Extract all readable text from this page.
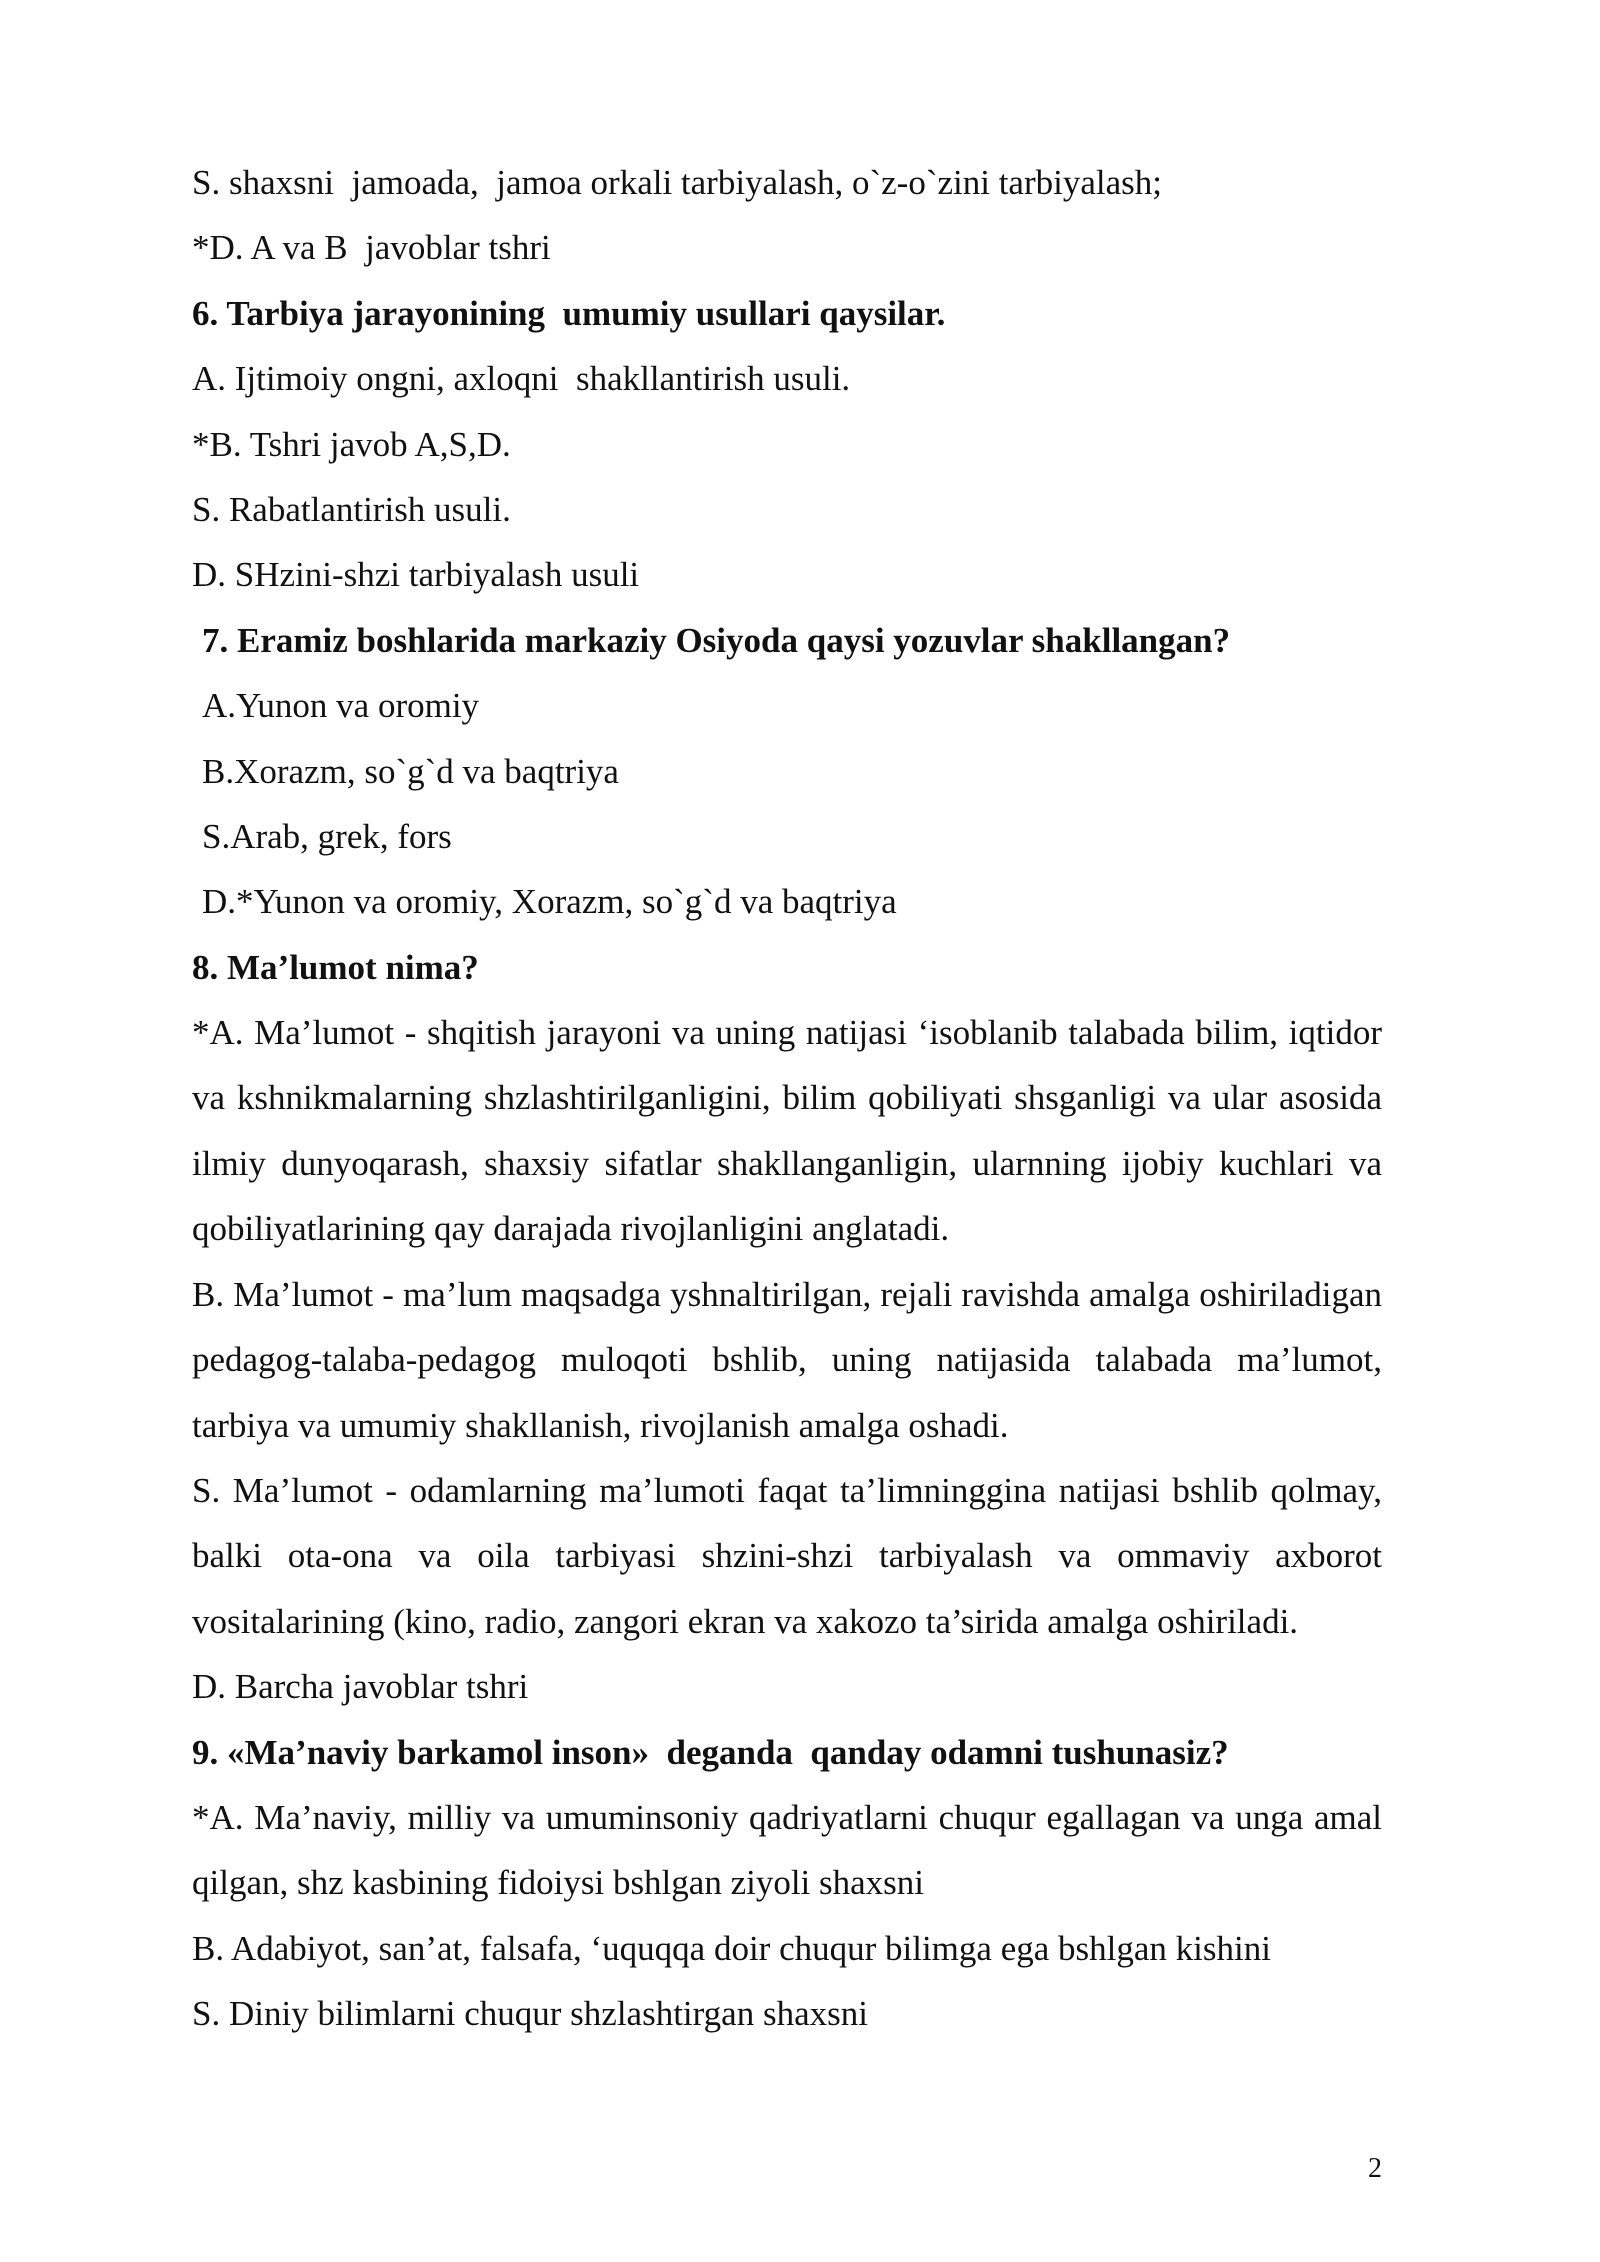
S. shaxsni  jamoada,  jamoa orkali tarbiyalash, o`z-o`zini tarbiyalash;

*D. A va B  javoblar tshri

6. Tarbiya jarayonining  umumiy usullari qaysilar.

A. Ijtimoiy ongni, axloqni  shakllantirish usuli.

*B. Tshri javob A,S,D.

S. Rabatlantirish usuli.

D. SHzini-shzi tarbiyalash usuli

7. Eramiz boshlarida markaziy Osiyoda qaysi yozuvlar shakllangan?

A.Yunon va oromiy

B.Xorazm, so`g`d va baqtriya

S.Arab, grek, fors

D.*Yunon va oromiy, Xorazm, so`g`d va baqtriya

8. Ma’lumot nima?

*A. Ma’lumot - shqitish jarayoni va uning natijasi ‘isoblanib talabada bilim, iqtidor va kshnikmalarning shzlashtirilganligini, bilim qobiliyati shsganligi va ular asosida ilmiy dunyoqarash, shaxsiy sifatlar shakllanganligin, ularnning ijobiy kuchlari va qobiliyatlarining qay darajada rivojlanligini anglatadi.

B. Ma’lumot - ma’lum maqsadga yshnaltirilgan, rejali ravishda amalga oshiriladigan pedagog-talaba-pedagog muloqoti bshlib, uning natijasida talabada ma’lumot, tarbiya va umumiy shakllanish, rivojlanish amalga oshadi.

S. Ma’lumot - odamlarning ma’lumoti faqat ta’limninggina natijasi bshlib qolmay, balki ota-ona va oila tarbiyasi shzini-shzi tarbiyalash va ommaviy axborot vositalarining (kino, radio, zangori ekran va xakozo ta’sirida amalga oshiriladi.

D. Barcha javoblar tshri

9. «Ma’naviy barkamol inson»  deganda  qanday odamni tushunasiz?

*A. Ma’naviy, milliy va umuminsoniy qadriyatlarni chuqur egallagan va unga amal qilgan, shz kasbining fidoiysi bshlgan ziyoli shaxsni

B. Adabiyot, san’at, falsafa, ‘uquqqa doir chuqur bilimga ega bshlgan kishini

S. Diniy bilimlarni chuqur shzlashtirgan shaxsni

2
